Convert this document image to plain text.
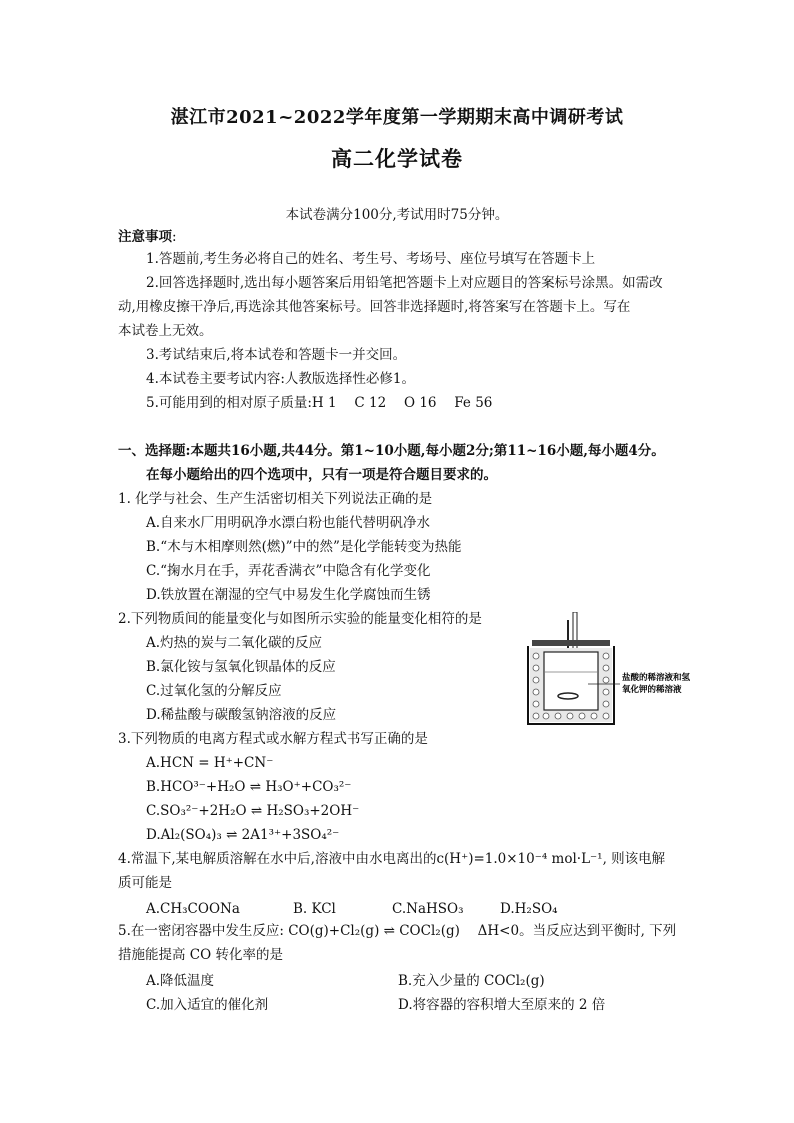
湛江市2021~2022学年度第一学期期末高中调研考试
高二化学试卷
本试卷满分100分,考试用时75分钟。
注意事项:
1.答题前,考生务必将自己的姓名、考生号、考场号、座位号填写在答题卡上
2.回答选择题时,选出每小题答案后用铅笔把答题卡上对应题目的答案标号涂黑。如需改
动,用橡皮擦干净后,再选涂其他答案标号。回答非选择题时,将答案写在答题卡上。写在
本试卷上无效。
3.考试结束后,将本试卷和答题卡一并交回。
4.本试卷主要考试内容:人教版选择性必修1。
5.可能用到的相对原子质量:H 1　 C 12　 O 16　 Fe 56
一、选择题:本题共16小题,共44分。第1~10小题,每小题2分;第11~16小题,每小题4分。
在每小题给出的四个选项中，只有一项是符合题目要求的。
1. 化学与社会、生产生活密切相关下列说法正确的是
A.自来水厂用明矾净水漂白粉也能代替明矾净水
B.“木与木相摩则然(燃)”中的然”是化学能转变为热能
C.“掬水月在手，弄花香满衣”中隐含有化学变化
D.铁放置在潮湿的空气中易发生化学腐蚀而生锈
2.下列物质间的能量变化与如图所示实验的能量变化相符的是
A.灼热的炭与二氧化碳的反应
B.氯化铵与氢氧化钡晶体的反应
C.过氧化氢的分解反应
D.稀盐酸与碳酸氢钠溶液的反应
盐酸的稀溶液和氢
氧化钾的稀溶液
3.下列物质的电离方程式或水解方程式书写正确的是
A.HCN = H⁺+CN⁻
B.HCO³⁻+H₂O ⇌ H₃O⁺+CO₃²⁻
C.SO₃²⁻+2H₂O ⇌ H₂SO₃+2OH⁻
D.Al₂(SO₄)₃ ⇌ 2A1³⁺+3SO₄²⁻
4.常温下,某电解质溶解在水中后,溶液中由水电离出的c(H⁺)=1.0×10⁻⁴ mol·L⁻¹, 则该电解
质可能是
A.CH₃COONa	B. KCl	C.NaHSO₃	D.H₂SO₄
5.在一密闭容器中发生反应: CO(g)+Cl₂(g) ⇌ COCl₂(g)　 ΔH<0。当反应达到平衡时, 下列
措施能提高 CO 转化率的是
A.降低温度	B.充入少量的 COCl₂(g)
C.加入适宜的催化剂	D.将容器的容积增大至原来的 2 倍
